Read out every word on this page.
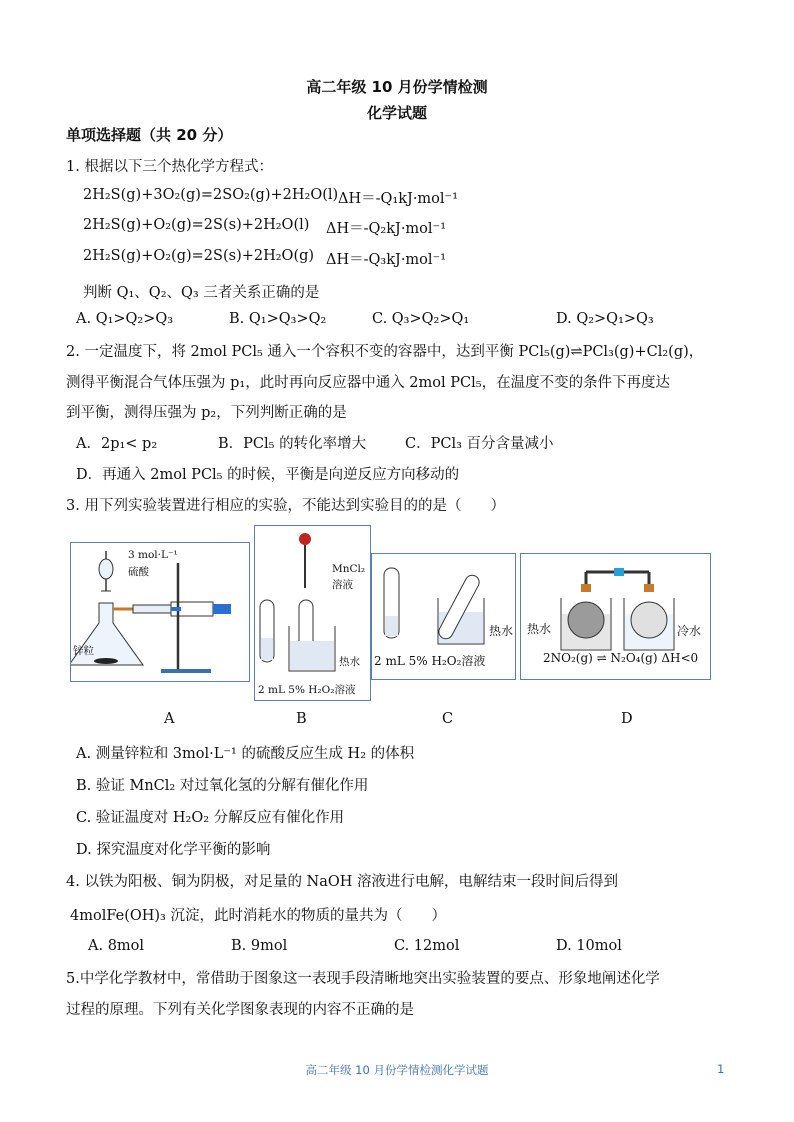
高二年级 10 月份学情检测
化学试题
单项选择题（共 20 分）
1. 根据以下三个热化学方程式：
2H₂S(g)+3O₂(g)=2SO₂(g)+2H₂O(l) ΔH＝-Q₁kJ·mol⁻¹
2H₂S(g)+O₂(g)=2S(s)+2H₂O(l) ΔH＝-Q₂kJ·mol⁻¹
2H₂S(g)+O₂(g)=2S(s)+2H₂O(g) ΔH＝-Q₃kJ·mol⁻¹
判断 Q₁、Q₂、Q₃ 三者关系正确的是
A. Q₁>Q₂>Q₃	B. Q₁>Q₃>Q₂	C. Q₃>Q₂>Q₁	D. Q₂>Q₁>Q₃
2. 一定温度下，将 2mol PCl₅ 通入一个容积不变的容器中，达到平衡 PCl₅(g)⇌PCl₃(g)+Cl₂(g)，
测得平衡混合气体压强为 p₁，此时再向反应器中通入 2mol PCl₅，在温度不变的条件下再度达
到平衡，测得压强为 p₂，下列判断正确的是
A．2p₁< p₂	B．PCl₅ 的转化率增大	C．PCl₃ 百分含量减小
D．再通入 2mol PCl₅ 的时候，平衡是向逆反应方向移动的
3. 用下列实验装置进行相应的实验，不能达到实验目的的是（　　）
3 mol·L⁻¹
硫酸
锌粒
MnCl₂
溶液
热水
2 mL 5% H₂O₂溶液
热水
2 mL 5% H₂O₂溶液
热水	冷水
2NO₂(g) ⇌ N₂O₄(g) ΔH<0
A	B	C	D
A. 测量锌粒和 3mol·L⁻¹ 的硫酸反应生成 H₂ 的体积
B. 验证 MnCl₂ 对过氧化氢的分解有催化作用
C. 验证温度对 H₂O₂ 分解反应有催化作用
D. 探究温度对化学平衡的影响
4. 以铁为阳极、铜为阴极，对足量的 NaOH 溶液进行电解，电解结束一段时间后得到
4molFe(OH)₃ 沉淀，此时消耗水的物质的量共为（　　）
A. 8mol	B. 9mol	C. 12mol	D. 10mol
5.中学化学教材中，常借助于图象这一表现手段清晰地突出实验装置的要点、形象地阐述化学
过程的原理。下列有关化学图象表现的内容不正确的是
高二年级 10 月份学情检测化学试题	1
